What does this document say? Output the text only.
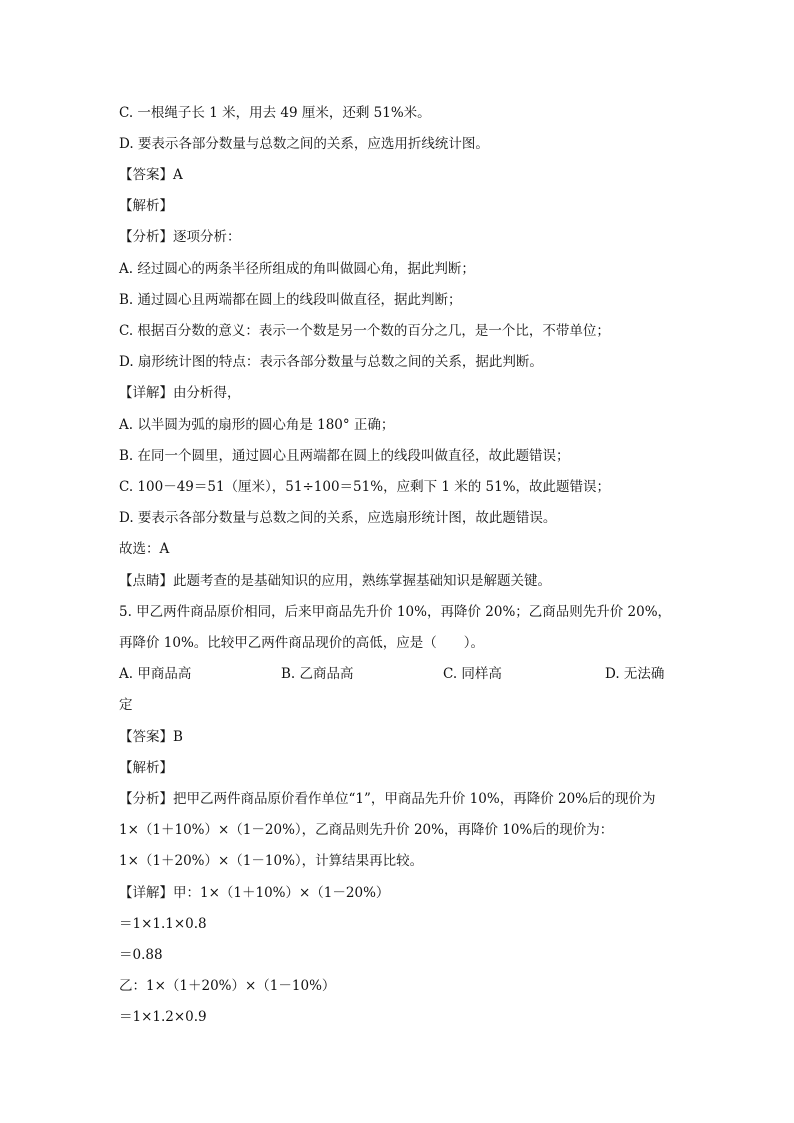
C. 一根绳子长 1 米，用去 49 厘米，还剩 51%米。
D. 要表示各部分数量与总数之间的关系，应选用折线统计图。
【答案】A
【解析】
【分析】逐项分析：
A. 经过圆心的两条半径所组成的角叫做圆心角，据此判断；
B. 通过圆心且两端都在圆上的线段叫做直径，据此判断；
C. 根据百分数的意义：表示一个数是另一个数的百分之几，是一个比，不带单位；
D. 扇形统计图的特点：表示各部分数量与总数之间的关系，据此判断。
【详解】由分析得，
A. 以半圆为弧的扇形的圆心角是 180° 正确；
B. 在同一个圆里，通过圆心且两端都在圆上的线段叫做直径，故此题错误；
C. 100－49＝51（厘米），51÷100＝51%，应剩下 1 米的 51%，故此题错误；
D. 要表示各部分数量与总数之间的关系，应选扇形统计图，故此题错误。
故选：A
【点睛】此题考查的是基础知识的应用，熟练掌握基础知识是解题关键。
5. 甲乙两件商品原价相同，后来甲商品先升价 10%，再降价 20%；乙商品则先升价 20%，
再降价 10%。比较甲乙两件商品现价的高低，应是（　　）。
A. 甲商品高	B. 乙商品高	C. 同样高	D. 无法确
定
【答案】B
【解析】
【分析】把甲乙两件商品原价看作单位“1”，甲商品先升价 10%，再降价 20%后的现价为
1×（1＋10%）×（1－20%），乙商品则先升价 20%，再降价 10%后的现价为：
1×（1＋20%）×（1－10%），计算结果再比较。
【详解】甲：1×（1＋10%）×（1－20%）
＝1×1.1×0.8
＝0.88
乙：1×（1＋20%）×（1－10%）
＝1×1.2×0.9
